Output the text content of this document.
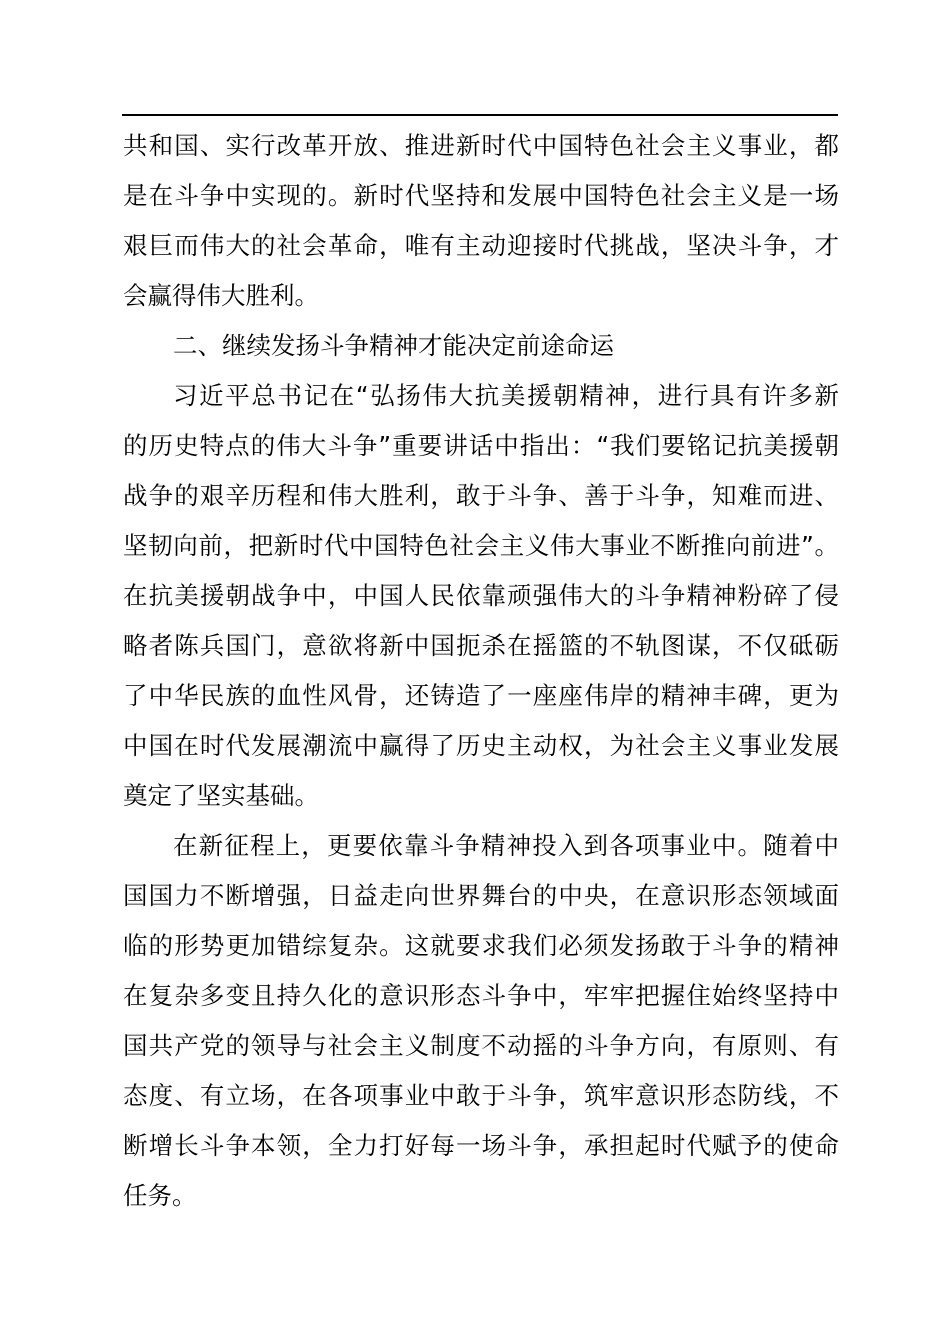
共和国、实行改革开放、推进新时代中国特色社会主义事业，都
是在斗争中实现的。新时代坚持和发展中国特色社会主义是一场
艰巨而伟大的社会革命，唯有主动迎接时代挑战，坚决斗争，才
会赢得伟大胜利。
二、继续发扬斗争精神才能决定前途命运
习近平总书记在“弘扬伟大抗美援朝精神，进行具有许多新
的历史特点的伟大斗争”重要讲话中指出：“我们要铭记抗美援朝
战争的艰辛历程和伟大胜利，敢于斗争、善于斗争，知难而进、
坚韧向前，把新时代中国特色社会主义伟大事业不断推向前进”。
在抗美援朝战争中，中国人民依靠顽强伟大的斗争精神粉碎了侵
略者陈兵国门，意欲将新中国扼杀在摇篮的不轨图谋，不仅砥砺
了中华民族的血性风骨，还铸造了一座座伟岸的精神丰碑，更为
中国在时代发展潮流中赢得了历史主动权，为社会主义事业发展
奠定了坚实基础。
在新征程上，更要依靠斗争精神投入到各项事业中。随着中
国国力不断增强，日益走向世界舞台的中央，在意识形态领域面
临的形势更加错综复杂。这就要求我们必须发扬敢于斗争的精神
在复杂多变且持久化的意识形态斗争中，牢牢把握住始终坚持中
国共产党的领导与社会主义制度不动摇的斗争方向，有原则、有
态度、有立场，在各项事业中敢于斗争，筑牢意识形态防线，不
断增长斗争本领，全力打好每一场斗争，承担起时代赋予的使命
任务。
